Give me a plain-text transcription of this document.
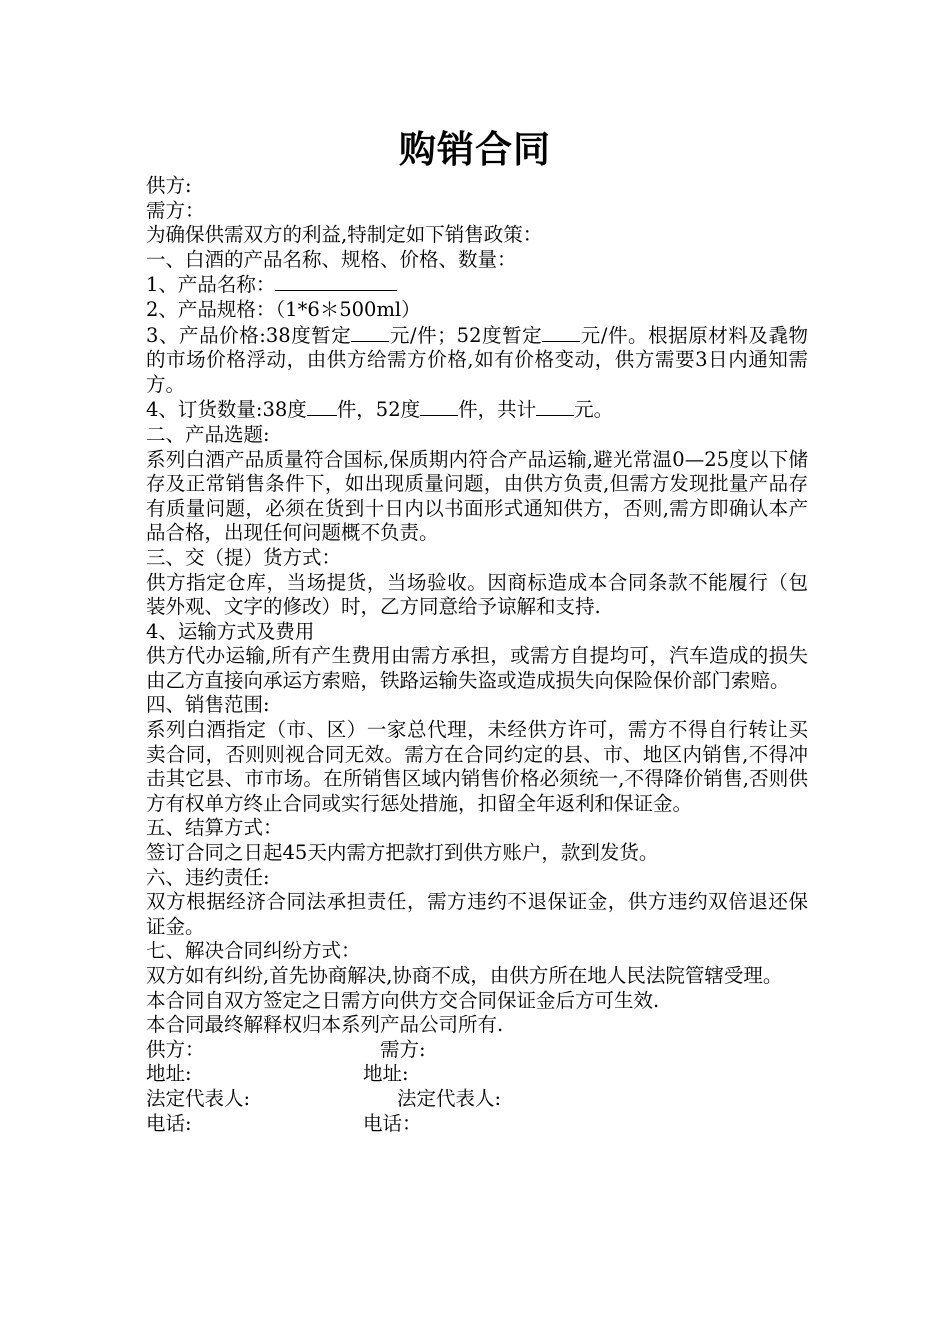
购销合同

供方:

需方：

为确保供需双方的利益,特制定如下销售政策：

一、白酒的产品名称、规格、价格、数量：

1、产品名称：

2、产品规格：（1*6＊500ml）

3、产品价格:38度暂定 元/件；52度暂定 元/件。根据原材料及毳物的市场价格浮动，由供方给需方价格,如有价格变动，供方需要3日内通知需方。

4、订货数量:38度 件，52度 件，共计 元。

二、产品选题:

系列白酒产品质量符合国标,保质期内符合产品运输,避光常温0—25度以下储存及正常销售条件下，如出现质量问题，由供方负责,但需方发现批量产品存有质量问题，必须在货到十日内以书面形式通知供方，否则,需方即确认本产品合格，出现任何问题概不负责。

三、交（提）货方式：

供方指定仓库，当场提货，当场验收。因商标造成本合同条款不能履行（包装外观、文字的修改）时，乙方同意给予谅解和支持.

4、运输方式及费用

供方代办运输,所有产生费用由需方承担，或需方自提均可，汽车造成的损失由乙方直接向承运方索赔，铁路运输失盗或造成损失向保险保价部门索赔。

四、销售范围:

系列白酒指定（市、区）一家总代理，未经供方许可，需方不得自行转让买卖合同，否则则视合同无效。需方在合同约定的县、市、地区内销售,不得冲击其它县、市市场。在所销售区域内销售价格必须统一,不得降价销售,否则供方有权单方终止合同或实行惩处措施，扣留全年返利和保证金。

五、结算方式：

签订合同之日起45天内需方把款打到供方账户，款到发货。

六、违约责任:

双方根据经济合同法承担责任，需方违约不退保证金，供方违约双倍退还保证金。

七、解决合同纠纷方式：

双方如有纠纷,首先协商解决,协商不成，由供方所在地人民法院管辖受理。

本合同自双方签定之日需方向供方交合同保证金后方可生效.

本合同最终解释权归本系列产品公司所有.

供方：	需方:
地址:	地址:
法定代表人:	法定代表人:
电话:	电话：
